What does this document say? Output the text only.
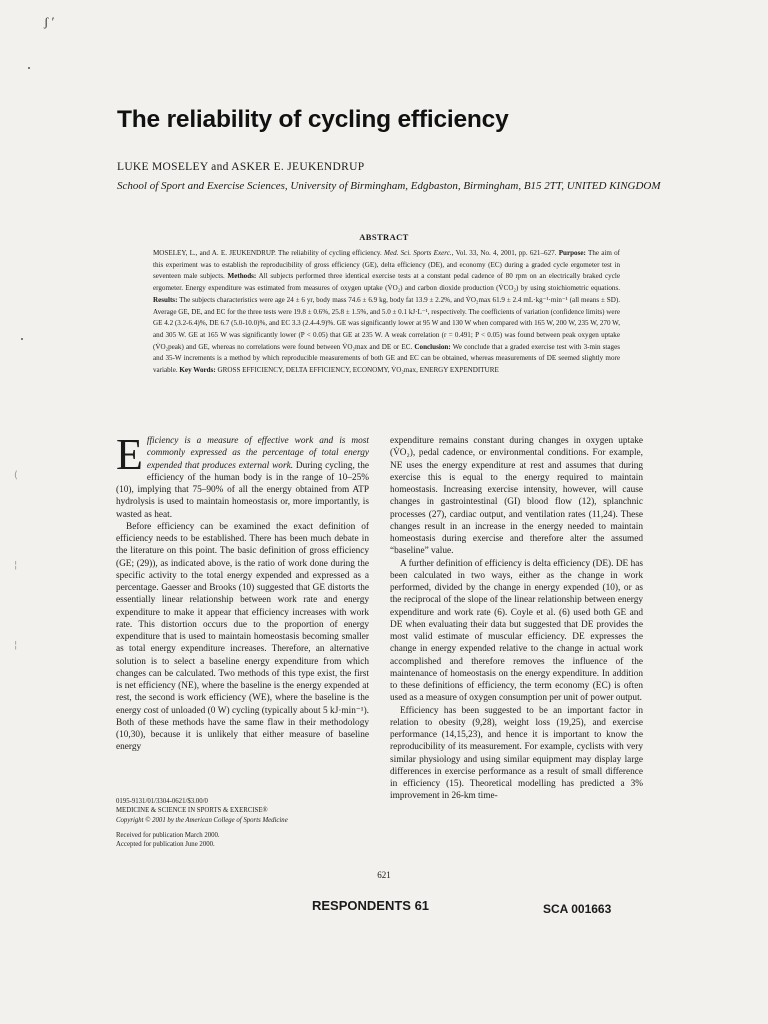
ʃ ′
(
¦
¦
The reliability of cycling efficiency
LUKE MOSELEY and ASKER E. JEUKENDRUP
School of Sport and Exercise Sciences, University of Birmingham, Edgbaston, Birmingham, B15 2TT, UNITED KINGDOM
ABSTRACT

MOSELEY, L., and A. E. JEUKENDRUP. The reliability of cycling efficiency. Med. Sci. Sports Exerc., Vol. 33, No. 4, 2001, pp. 621–627. Purpose: The aim of this experiment was to establish the reproducibility of gross efficiency (GE), delta efficiency (DE), and economy (EC) during a graded cycle ergometer test in seventeen male subjects. Methods: All subjects performed three identical exercise tests at a constant pedal cadence of 80 rpm on an electrically braked cycle ergometer. Energy expenditure was estimated from measures of oxygen uptake (V̇O₂) and carbon dioxide production (V̇CO₂) by using stoichiometric equations. Results: The subjects characteristics were age 24 ± 6 yr, body mass 74.6 ± 6.9 kg, body fat 13.9 ± 2.2%, and V̇O₂max 61.9 ± 2.4 mL·kg⁻¹·min⁻¹ (all means ± SD). Average GE, DE, and EC for the three tests were 19.8 ± 0.6%, 25.8 ± 1.5%, and 5.0 ± 0.1 kJ·L⁻¹, respectively. The coefficients of variation (confidence limits) were GE 4.2 (3.2-6.4)%, DE 6.7 (5.0-10.0)%, and EC 3.3 (2.4-4.9)%. GE was significantly lower at 95 W and 130 W when compared with 165 W, 200 W, 235 W, 270 W, and 305 W. GE at 165 W was significantly lower (P < 0.05) that GE at 235 W. A weak correlation (r = 0.491; P < 0.05) was found between peak oxygen uptake (V̇O₂peak) and GE, whereas no correlations were found between V̇O₂max and DE or EC. Conclusion: We conclude that a graded exercise test with 3-min stages and 35-W increments is a method by which reproducible measurements of both GE and EC can be obtained, whereas measurements of DE seemed slightly more variable. Key Words: GROSS EFFICIENCY, DELTA EFFICIENCY, ECONOMY, V̇O₂max, ENERGY EXPENDITURE

Efficiency is a measure of effective work and is most commonly expressed as the percentage of total energy expended that produces external work. During cycling, the efficiency of the human body is in the range of 10–25% (10), implying that 75–90% of all the energy obtained from ATP hydrolysis is used to maintain homeostasis or, more importantly, is wasted as heat.

Before efficiency can be examined the exact definition of efficiency needs to be established. There has been much debate in the literature on this point. The basic definition of gross efficiency (GE; (29)), as indicated above, is the ratio of work done during the specific activity to the total energy expended and expressed as a percentage. Gaesser and Brooks (10) suggested that GE distorts the essentially linear relationship between work rate and energy expenditure to make it appear that efficiency increases with work rate. This distortion occurs due to the proportion of energy expenditure that is used to maintain homeostasis becoming smaller as total energy expenditure increases. Therefore, an alternative solution is to select a baseline energy expenditure from which changes can be calculated. Two methods of this type exist, the first is net efficiency (NE), where the baseline is the energy expended at rest, the second is work efficiency (WE), where the baseline is the energy cost of unloaded (0 W) cycling (typically about 5 kJ·min⁻¹). Both of these methods have the same flaw in their methodology (10,30), because it is unlikely that either measure of baseline energy

expenditure remains constant during changes in oxygen uptake (V̇O₂), pedal cadence, or environmental conditions. For example, NE uses the energy expenditure at rest and assumes that during exercise this is equal to the energy required to maintain homeostasis. Increasing exercise intensity, however, will cause changes in gastrointestinal (GI) blood flow (12), splanchnic processes (27), cardiac output, and ventilation rates (11,24). These changes result in an increase in the energy needed to maintain homeostasis during exercise and therefore alter the assumed “baseline” value.

A further definition of efficiency is delta efficiency (DE). DE has been calculated in two ways, either as the change in work performed, divided by the change in energy expended (10), or as the reciprocal of the slope of the linear relationship between energy expenditure and work rate (6). Coyle et al. (6) used both GE and DE when evaluating their data but suggested that DE provides the most valid estimate of muscular efficiency. DE expresses the change in energy expended relative to the change in actual work accomplished and therefore removes the influence of the maintenance of homeostasis on the energy expenditure. In addition to these definitions of efficiency, the term economy (EC) is often used as a measure of oxygen consumption per unit of power output.

Efficiency has been suggested to be an important factor in relation to obesity (9,28), weight loss (19,25), and exercise performance (14,15,23), and hence it is important to know the reproducibility of its measurement. For example, cyclists with very similar physiology and using similar equipment may display large differences in exercise performance as a result of small difference in efficiency (15). Theoretical modelling has predicted a 3% improvement in 26-km time-

0195-9131/01/3304-0621/$3.00/0
MEDICINE & SCIENCE IN SPORTS & EXERCISE®
Copyright © 2001 by the American College of Sports Medicine
Received for publication March 2000.
Accepted for publication June 2000.
621
RESPONDENTS 61	SCA 001663
